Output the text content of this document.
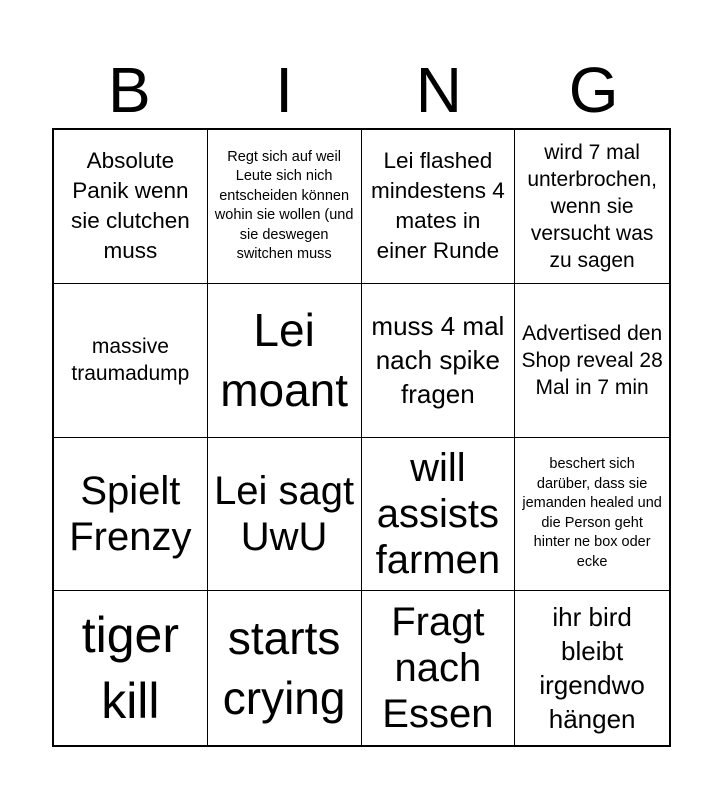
B	I	N	G
Absolute Panik wenn sie clutchen muss
Regt sich auf weil Leute sich nich entscheiden können wohin sie wollen (und sie deswegen switchen muss
Lei flashed mindestens 4 mates in einer Runde
wird 7 mal unterbrochen, wenn sie versucht was zu sagen
massive traumadump
Lei moant
muss 4 mal nach spike fragen
Advertised den Shop reveal 28 Mal in 7 min
Spielt Frenzy
Lei sagt UwU
will assists farmen
beschert sich darüber, dass sie jemanden healed und die Person geht hinter ne box oder ecke
tiger kill
starts crying
Fragt nach Essen
ihr bird bleibt irgendwo hängen
